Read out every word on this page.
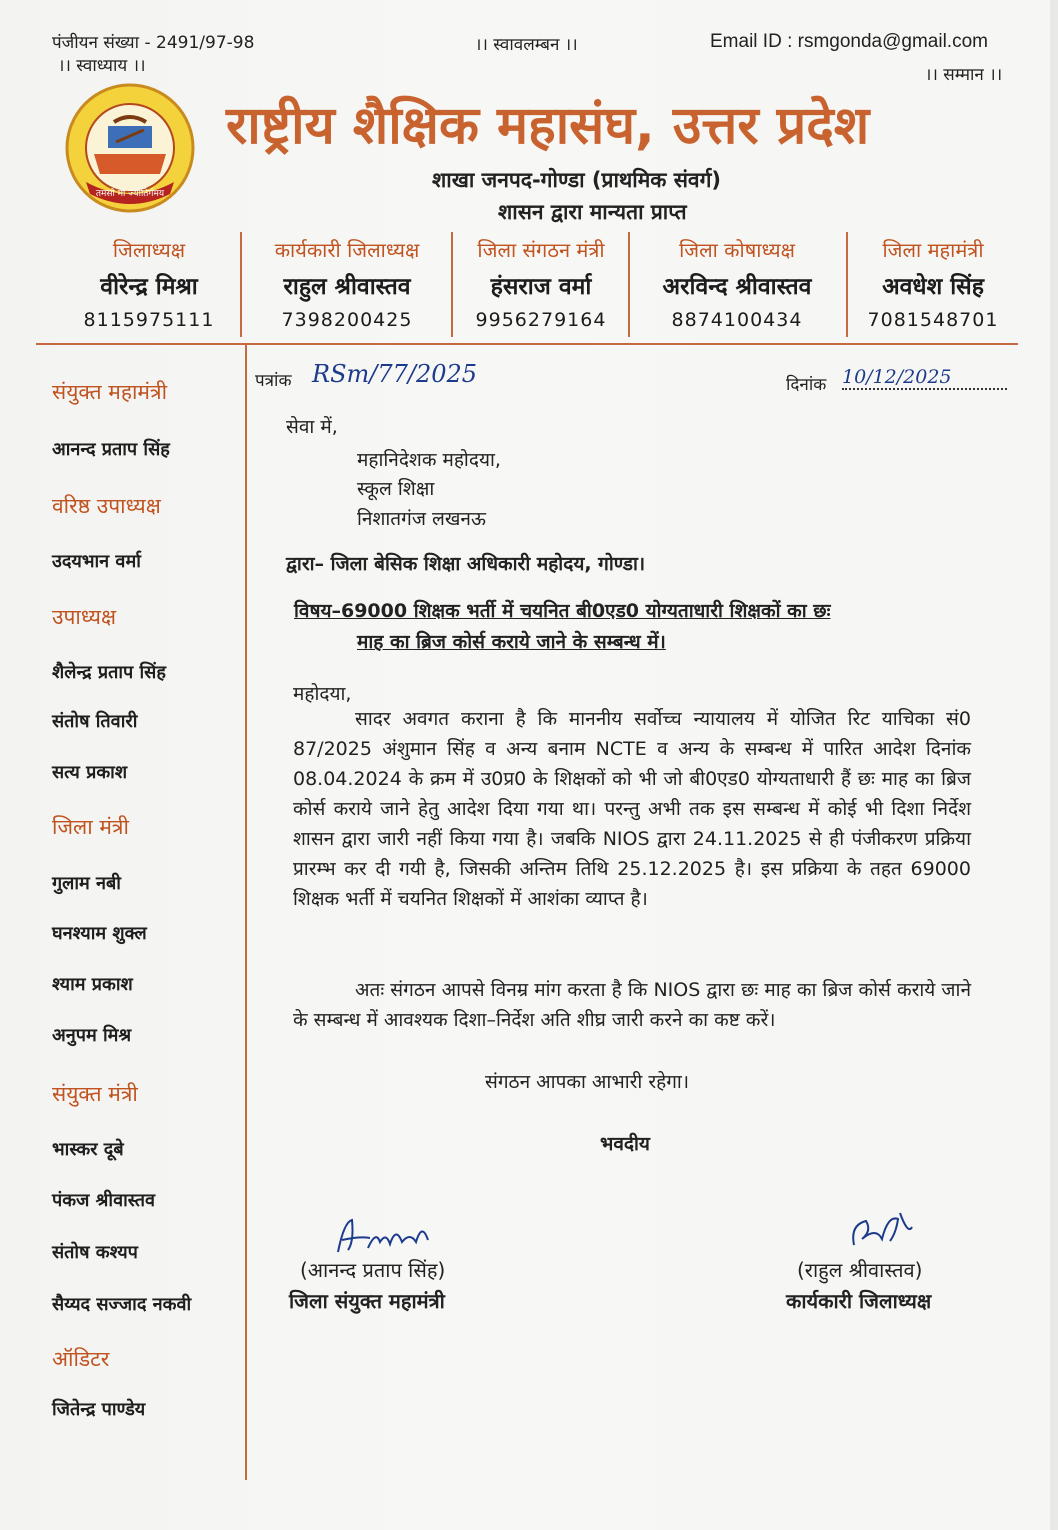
पंजीयन संख्या - 2491/97-98
।। स्वाध्याय ।।
।। स्वावलम्बन ।।	Email ID : rsmgonda@gmail.com
।। सम्मान ।।
तमसो मा ज्योतिर्गमय
राष्ट्रीय शैक्षिक महासंघ, उत्तर प्रदेश
शाखा जनपद-गोण्डा (प्राथमिक संवर्ग)
शासन द्वारा मान्यता प्राप्त
जिलाध्यक्ष
वीरेन्द्र मिश्रा
8115975111
कार्यकारी जिलाध्यक्ष
राहुल श्रीवास्तव
7398200425
जिला संगठन मंत्री
हंसराज वर्मा
9956279164
जिला कोषाध्यक्ष
अरविन्द श्रीवास्तव
8874100434
जिला महामंत्री
अवधेश सिंह
7081548701
संयुक्त महामंत्री
आनन्द प्रताप सिंह
वरिष्ठ उपाध्यक्ष
उदयभान वर्मा
उपाध्यक्ष
शैलेन्द्र प्रताप सिंह
संतोष तिवारी
सत्य प्रकाश
जिला मंत्री
गुलाम नबी
घनश्याम शुक्ल
श्याम प्रकाश
अनुपम मिश्र
संयुक्त मंत्री
भास्कर दूबे
पंकज श्रीवास्तव
संतोष कश्यप
सैय्यद सज्जाद नकवी
ऑडिटर
जितेन्द्र पाण्डेय
पत्रांक RSm/77/2025	दिनांक 10/12/2025
सेवा में,
महानिदेशक महोदया,
स्कूल शिक्षा
निशातगंज लखनऊ
द्वारा– जिला बेसिक शिक्षा अधिकारी महोदय, गोण्डा।
विषय–69000 शिक्षक भर्ती में चयनित बी0एड0 योग्यताधारी शिक्षकों का छः
माह का ब्रिज कोर्स कराये जाने के सम्बन्ध में।
महोदया,
सादर अवगत कराना है कि माननीय सर्वोच्च न्यायालय में योजित रिट याचिका सं0 87/2025 अंशुमान सिंह व अन्य बनाम NCTE व अन्य के सम्बन्ध में पारित आदेश दिनांक 08.04.2024 के क्रम में उ0प्र0 के शिक्षकों को भी जो बी0एड0 योग्यताधारी हैं छः माह का ब्रिज कोर्स कराये जाने हेतु आदेश दिया गया था। परन्तु अभी तक इस सम्बन्ध में कोई भी दिशा निर्देश शासन द्वारा जारी नहीं किया गया है। जबकि NIOS द्वारा 24.11.2025 से ही पंजीकरण प्रक्रिया प्रारम्भ कर दी गयी है, जिसकी अन्तिम तिथि 25.12.2025 है। इस प्रक्रिया के तहत 69000 शिक्षक भर्ती में चयनित शिक्षकों में आशंका व्याप्त है।
अतः संगठन आपसे विनम्र मांग करता है कि NIOS द्वारा छः माह का ब्रिज कोर्स कराये जाने के सम्बन्ध में आवश्यक दिशा–निर्देश अति शीघ्र जारी करने का कष्ट करें।
संगठन आपका आभारी रहेगा।
भवदीय
(आनन्द प्रताप सिंह)
जिला संयुक्त महामंत्री
(राहुल श्रीवास्तव)
कार्यकारी जिलाध्यक्ष
